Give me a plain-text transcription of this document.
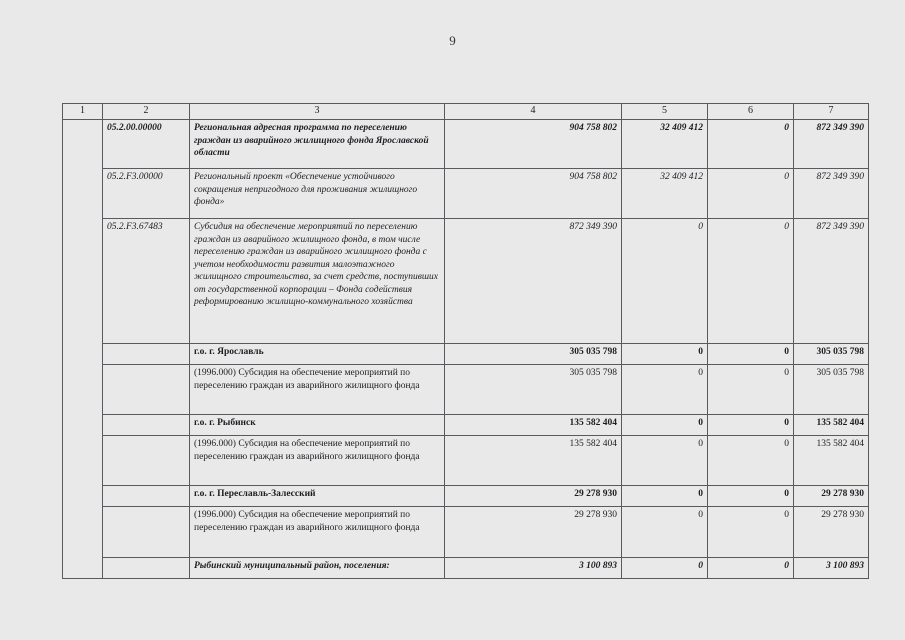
9
1	2	3	4	5	6	7
	05.2.00.00000	Региональная адресная программа по переселению граждан из аварийного жилищного фонда Ярославской области	904 758 802	32 409 412	0	872 349 390
	05.2.F3.00000	Региональный проект «Обеспечение устойчивого сокращения непригодного для проживания жилищного фонда»	904 758 802	32 409 412	0	872 349 390
	05.2.F3.67483	Субсидия на обеспечение мероприятий по переселению граждан из аварийного жилищного фонда, в том числе переселению граждан из аварийного жилищного фонда с учетом необходимости развития малоэтажного жилищного строительства, за счет средств, поступивших от государственной корпорации – Фонда содействия реформированию жилищно-коммунального хозяйства	872 349 390	0	0	872 349 390
		г.о. г. Ярославль	305 035 798	0	0	305 035 798
		(1996.000) Субсидия на обеспечение мероприятий по переселению граждан из аварийного жилищного фонда	305 035 798	0	0	305 035 798
		г.о. г. Рыбинск	135 582 404	0	0	135 582 404
		(1996.000) Субсидия на обеспечение мероприятий по переселению граждан из аварийного жилищного фонда	135 582 404	0	0	135 582 404
		г.о. г. Переславль-Залесский	29 278 930	0	0	29 278 930
		(1996.000) Субсидия на обеспечение мероприятий по переселению граждан из аварийного жилищного фонда	29 278 930	0	0	29 278 930
		Рыбинский муниципальный район, поселения:	3 100 893	0	0	3 100 893
